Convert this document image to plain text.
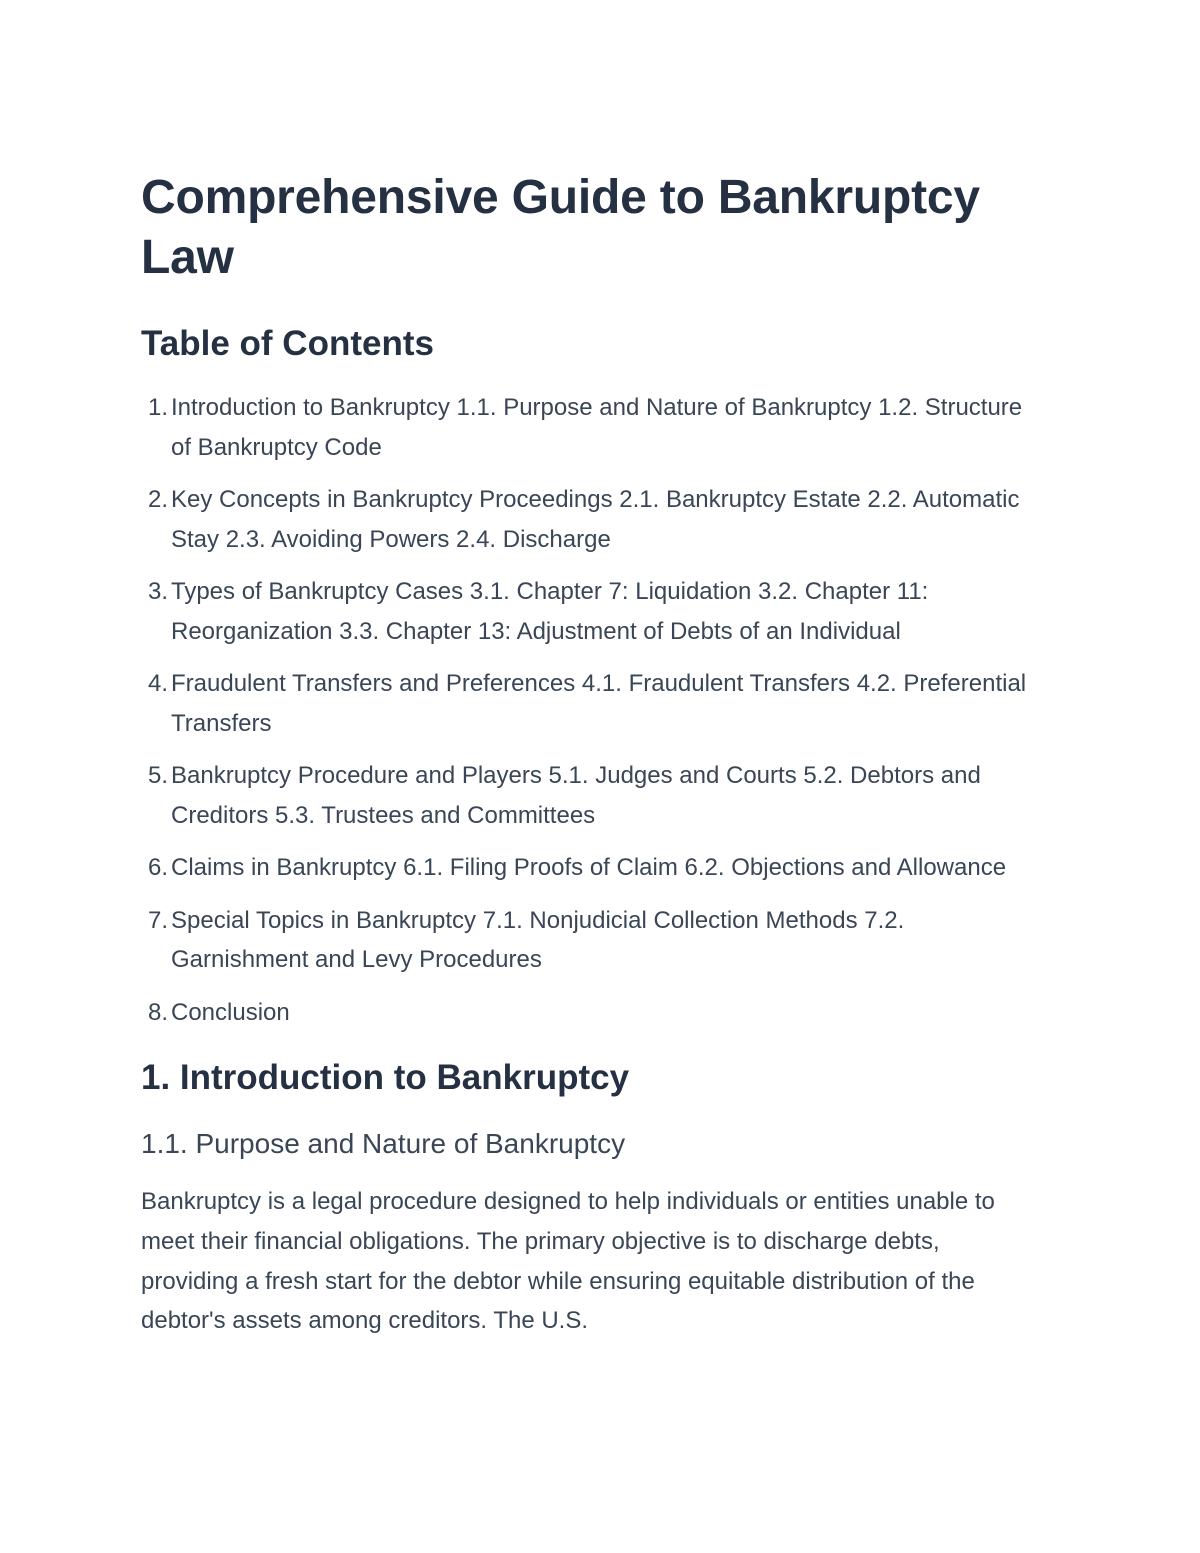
Comprehensive Guide to Bankruptcy Law
Table of Contents
1. Introduction to Bankruptcy 1.1. Purpose and Nature of Bankruptcy 1.2. Structure of Bankruptcy Code
2. Key Concepts in Bankruptcy Proceedings 2.1. Bankruptcy Estate 2.2. Automatic Stay 2.3. Avoiding Powers 2.4. Discharge
3. Types of Bankruptcy Cases 3.1. Chapter 7: Liquidation 3.2. Chapter 11: Reorganization 3.3. Chapter 13: Adjustment of Debts of an Individual
4. Fraudulent Transfers and Preferences 4.1. Fraudulent Transfers 4.2. Preferential Transfers
5. Bankruptcy Procedure and Players 5.1. Judges and Courts 5.2. Debtors and Creditors 5.3. Trustees and Committees
6. Claims in Bankruptcy 6.1. Filing Proofs of Claim 6.2. Objections and Allowance
7. Special Topics in Bankruptcy 7.1. Nonjudicial Collection Methods 7.2. Garnishment and Levy Procedures
8. Conclusion
1. Introduction to Bankruptcy
1.1. Purpose and Nature of Bankruptcy

Bankruptcy is a legal procedure designed to help individuals or entities unable to meet their financial obligations. The primary objective is to discharge debts, providing a fresh start for the debtor while ensuring equitable distribution of the debtor's assets among creditors. The U.S.
